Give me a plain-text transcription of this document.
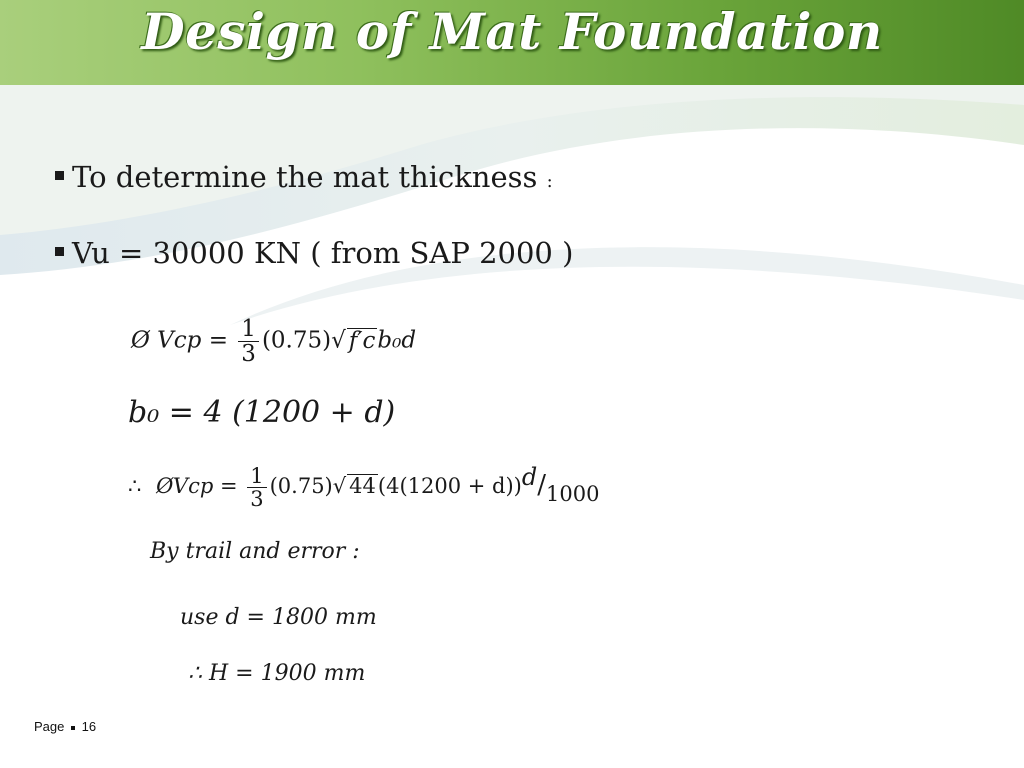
Design of Mat Foundation
To determine the mat thickness :
Vu = 30000 KN ( from SAP 2000 )
Ø Vcp = $\frac{1}{3} (0.75)√$ f′cb₀d
b₀ = 4 (1200 + d)
∴ ØVcp = $\frac{1}{3} (0.75)√$ 44(4(1200 + d))d/1000
By trail and error :
use d = 1800 mm
∴ H = 1900 mm
Page 16
